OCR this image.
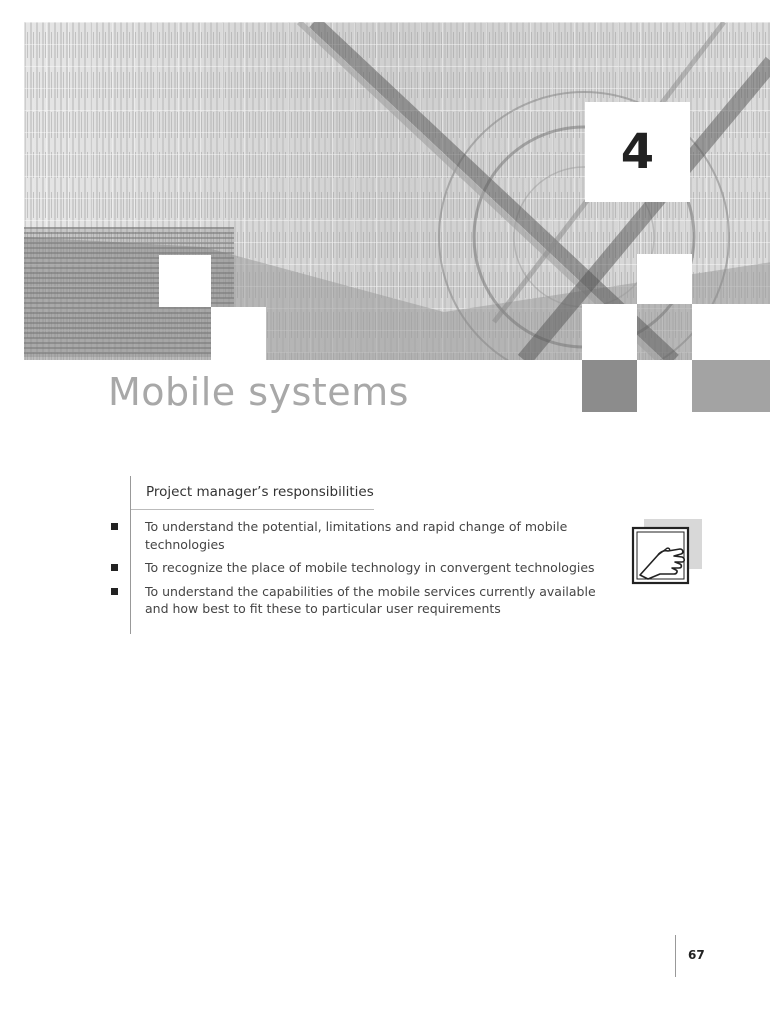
4
Mobile systems
Project manager’s responsibilities
To understand the potential, limitations and rapid change of mobile technologies
To recognize the place of mobile technology in convergent technologies
To understand the capabilities of the mobile services currently available and how best to fit these to particular user requirements
67
